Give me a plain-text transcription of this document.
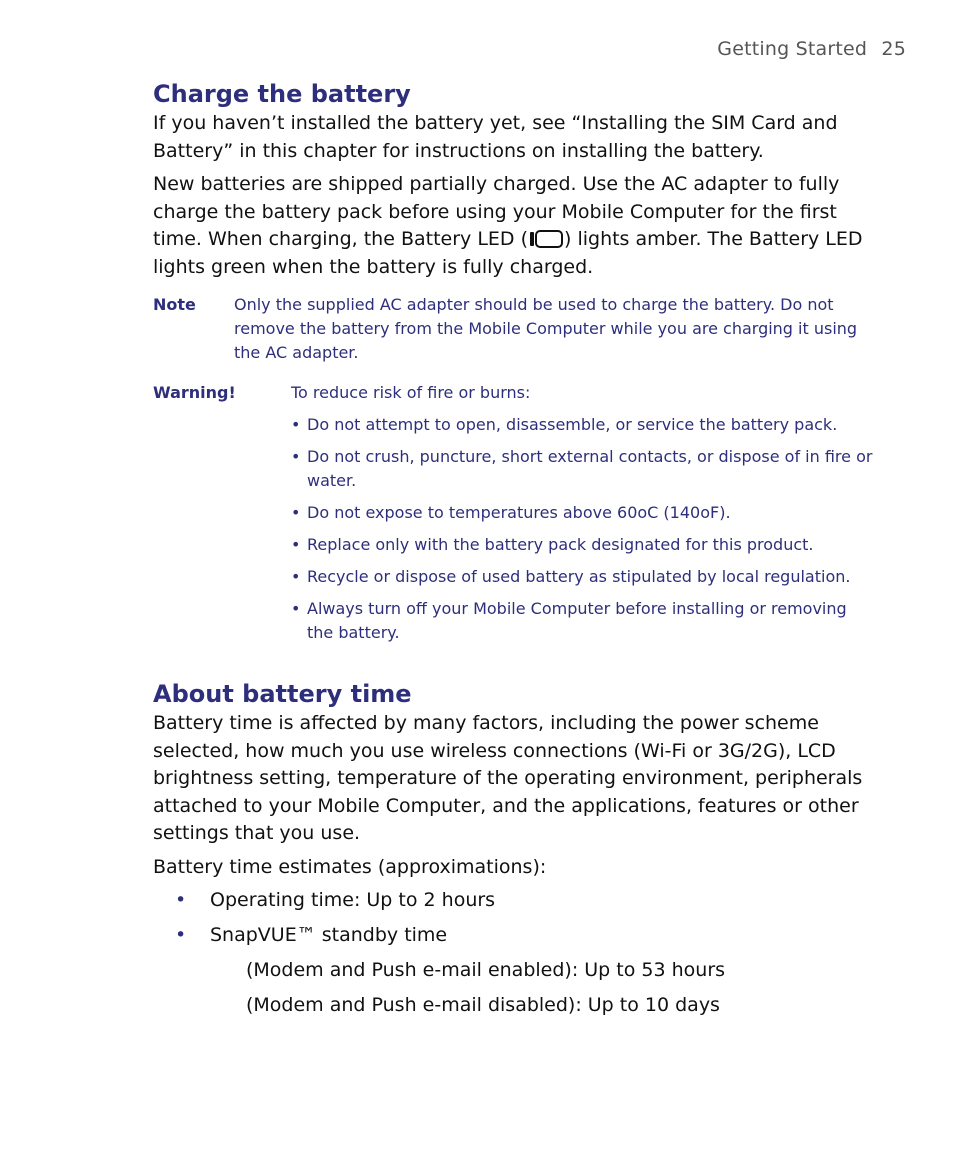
Getting Started 25
Charge the battery

If you haven’t installed the battery yet, see “Installing the SIM Card and Battery” in this chapter for instructions on installing the battery.

New batteries are shipped partially charged. Use the AC adapter to fully charge the battery pack before using your Mobile Computer for the first time. When charging, the Battery LED ( ) lights amber. The Battery LED lights green when the battery is fully charged.

Note	Only the supplied AC adapter should be used to charge the battery. Do not remove the battery from the Mobile Computer while you are charging it using the AC adapter.
Warning!	To reduce risk of fire or burns:
• Do not attempt to open, disassemble, or service the battery pack.
• Do not crush, puncture, short external contacts, or dispose of in fire or water.
• Do not expose to temperatures above 60oC (140oF).
• Replace only with the battery pack designated for this product.
• Recycle or dispose of used battery as stipulated by local regulation.
• Always turn off your Mobile Computer before installing or removing the battery.
About battery time

Battery time is affected by many factors, including the power scheme selected, how much you use wireless connections (Wi-Fi or 3G/2G), LCD brightness setting, temperature of the operating environment, peripherals attached to your Mobile Computer, and the applications, features or other settings that you use.

Battery time estimates (approximations):

• Operating time: Up to 2 hours
• SnapVUE™ standby time
(Modem and Push e-mail enabled): Up to 53 hours
(Modem and Push e-mail disabled): Up to 10 days
